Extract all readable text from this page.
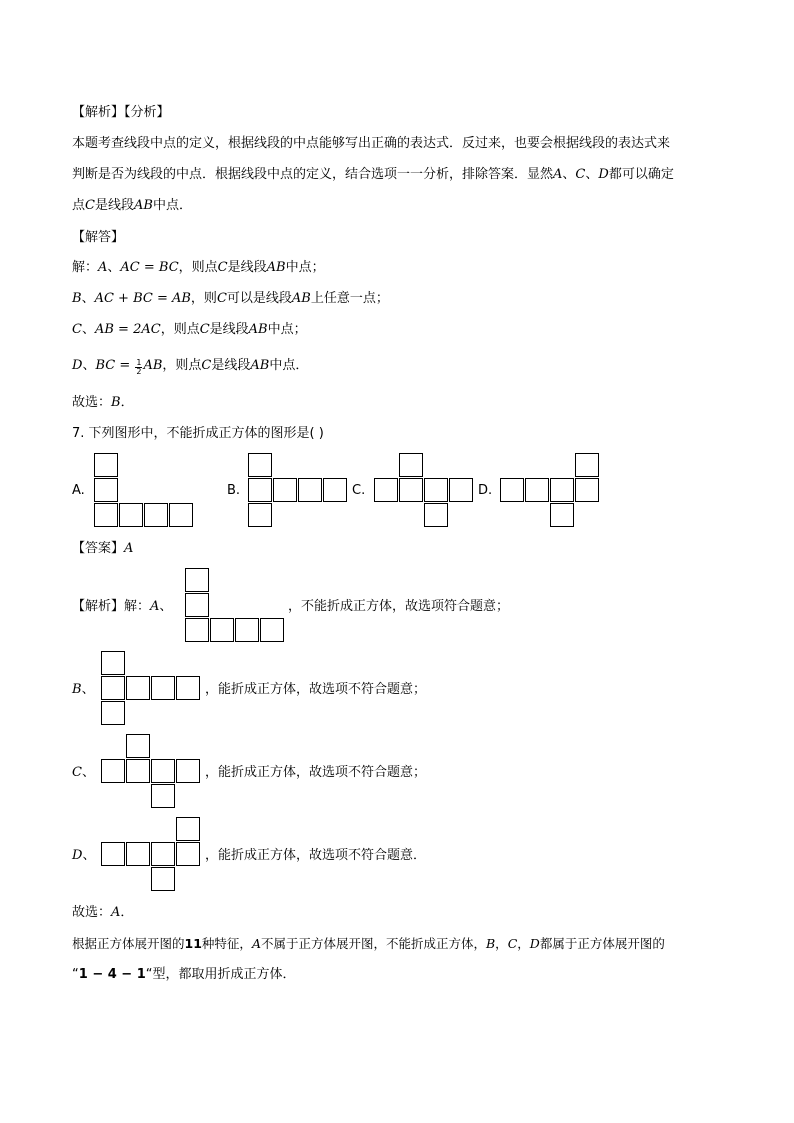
【解析】【分析】
本题考查线段中点的定义，根据线段的中点能够写出正确的表达式．反过来，也要会根据线段的表达式来
判断是否为线段的中点．根据线段中点的定义，结合选项一一分析，排除答案．显然A、C、D都可以确定
点C是线段AB中点．
【解答】
解：A、AC = BC，则点C是线段AB中点；
B、AC + BC = AB，则C可以是线段AB上任意一点；
C、AB = 2AC，则点C是线段AB中点；
D、BC = $\frac{1}{2}$ AB，则点C是线段AB中点．
故选：B．
7. 下列图形中，不能折成正方体的图形是( )
A.	B.	C.	D.
【答案】A
【解析】解：A、	，不能折成正方体，故选项符合题意；
B、	，能折成正方体，故选项不符合题意；
C、	，能折成正方体，故选项不符合题意；
D、	，能折成正方体，故选项不符合题意．
故选：A．
根据正方体展开图的11种特征，A不属于正方体展开图，不能折成正方体，B，C，D都属于正方体展开图的
“1 − 4 − 1“型，都取用折成正方体．
